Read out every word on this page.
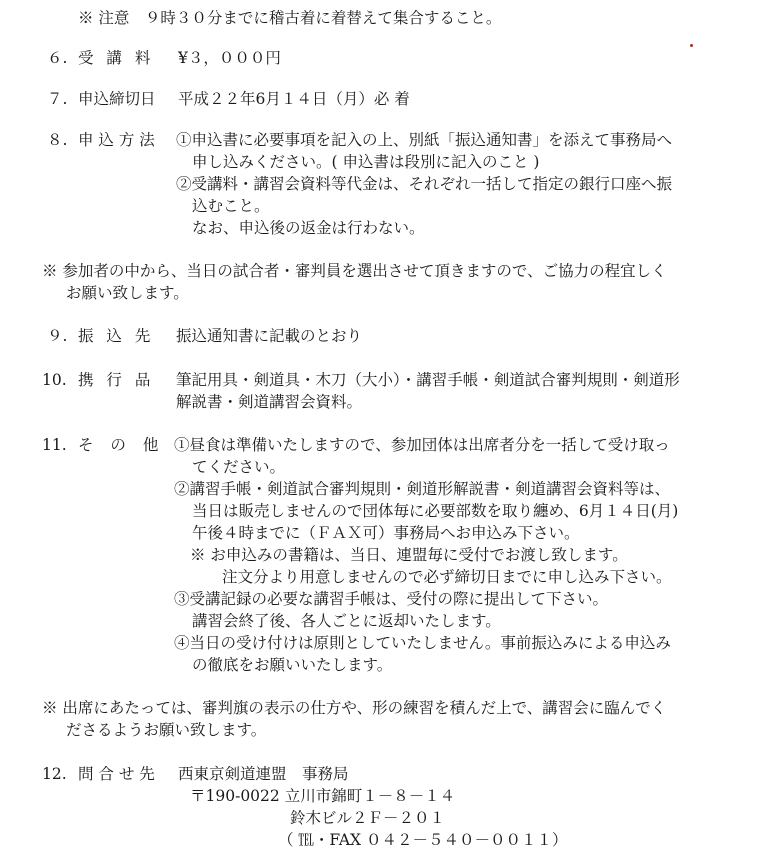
※ 注意　９時３０分までに稽古着に着替えて集合すること。
６. 受 講 料 ¥３，０００円
７. 申込締切日 平成２２年6月１４日（月）必 着
８. 申 込 方 法 ①申込書に必要事項を記入の上、別紙「振込通知書」を添えて事務局へ
申し込みください。( 申込書は段別に記入のこと )
②受講料・講習会資料等代金は、それぞれ一括して指定の銀行口座へ振
込むこと。
なお、申込後の返金は行わない。
※ 参加者の中から、当日の試合者・審判員を選出させて頂きますので、ご協力の程宜しく
お願い致します。
９. 振 込 先 振込通知書に記載のとおり
10. 携 行 品 筆記用具・剣道具・木刀（大小）・講習手帳・剣道試合審判規則・剣道形
解説書・剣道講習会資料。
11. そ の 他 ①昼食は準備いたしますので、参加団体は出席者分を一括して受け取っ
てください。
②講習手帳・剣道試合審判規則・剣道形解説書・剣道講習会資料等は、
当日は販売しませんので団体毎に必要部数を取り纏め、6月１４日(月)
午後４時までに（ＦＡＸ可）事務局へお申込み下さい。
※ お申込みの書籍は、当日、連盟毎に受付でお渡し致します。
注文分より用意しませんので必ず締切日までに申し込み下さい。
③受講記録の必要な講習手帳は、受付の際に提出して下さい。
講習会終了後、各人ごとに返却いたします。
④当日の受け付けは原則としていたしません。事前振込みによる申込み
の徹底をお願いいたします。
※ 出席にあたっては、審判旗の表示の仕方や、形の練習を積んだ上で、講習会に臨んでく
ださるようお願い致します。
12. 問 合 せ 先 西東京剣道連盟　事務局
〒190-0022 立川市錦町１－８－１４
鈴木ビル２Ｆ－２０１
（ ℡・FAX ０４２－５４０－００１１）
